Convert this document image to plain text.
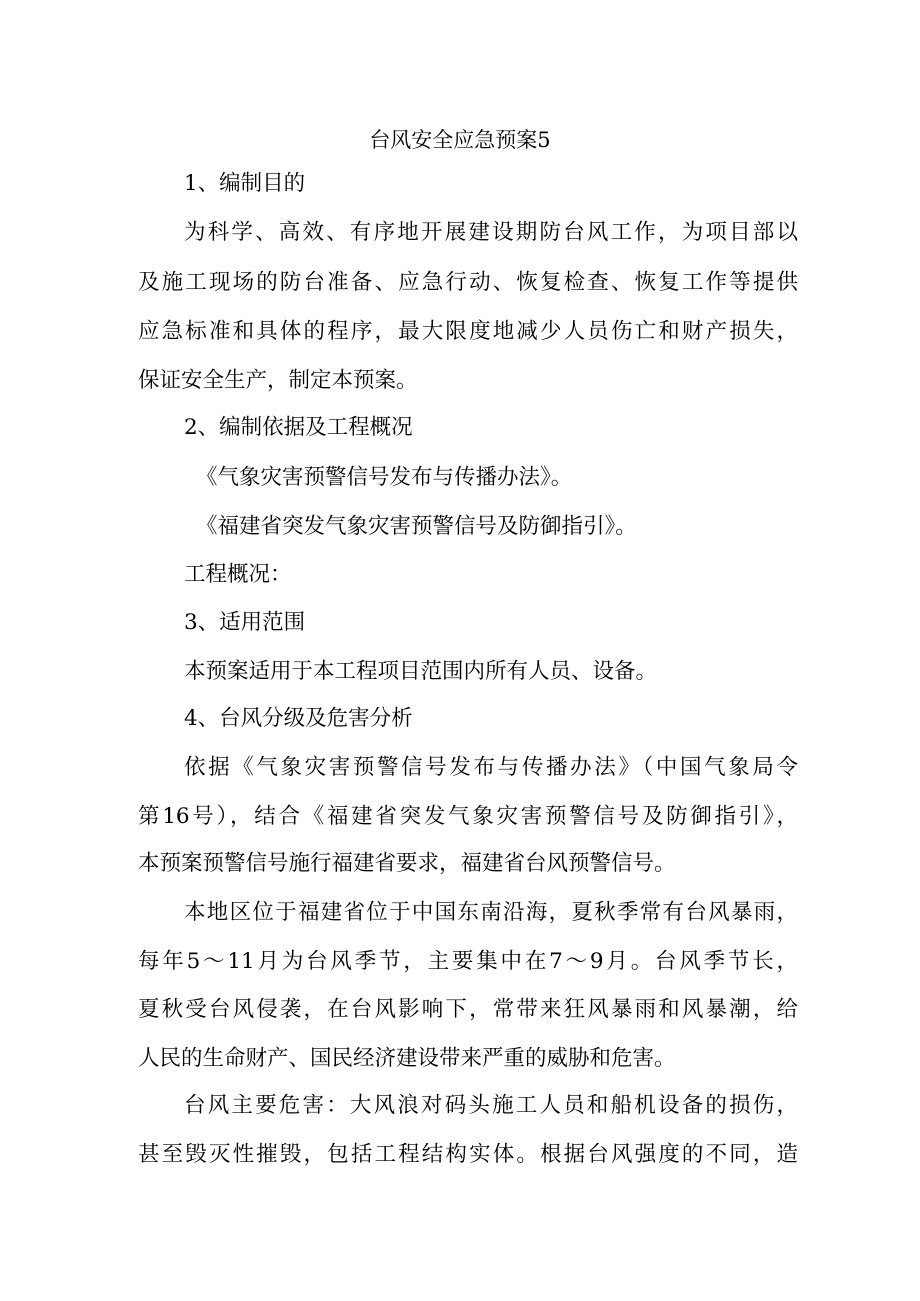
台风安全应急预案5
1、编制目的
为科学、高效、有序地开展建设期防台风工作，为项目部以
及施工现场的防台准备、应急行动、恢复检查、恢复工作等提供
应急标准和具体的程序，最大限度地减少人员伤亡和财产损失，
保证安全生产，制定本预案。
2、编制依据及工程概况
《气象灾害预警信号发布与传播办法》。
《福建省突发气象灾害预警信号及防御指引》。
工程概况：
3、适用范围
本预案适用于本工程项目范围内所有人员、设备。
4、台风分级及危害分析
依据《气象灾害预警信号发布与传播办法》（中国气象局令
第16号），结合《福建省突发气象灾害预警信号及防御指引》，
本预案预警信号施行福建省要求，福建省台风预警信号。
本地区位于福建省位于中国东南沿海，夏秋季常有台风暴雨，
每年5～11月为台风季节，主要集中在7～9月。台风季节长，
夏秋受台风侵袭，在台风影响下，常带来狂风暴雨和风暴潮，给
人民的生命财产、国民经济建设带来严重的威胁和危害。
台风主要危害：大风浪对码头施工人员和船机设备的损伤，
甚至毁灭性摧毁，包括工程结构实体。根据台风强度的不同，造
